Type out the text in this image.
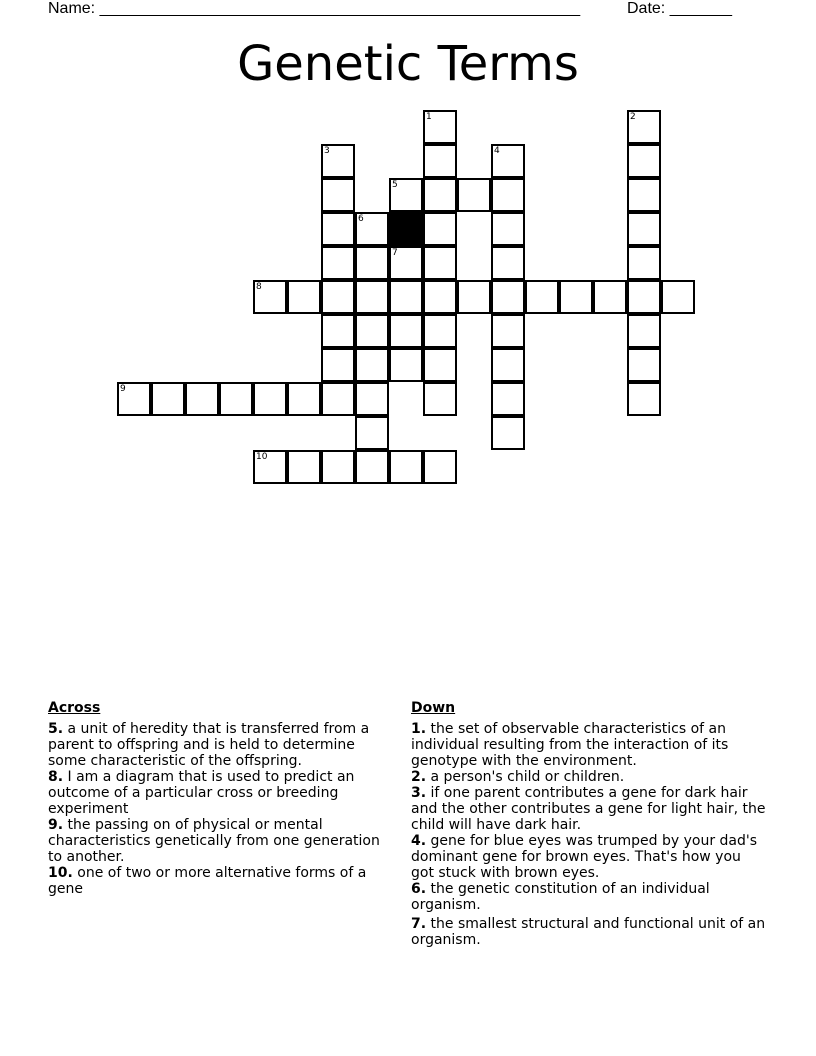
Name: ______________________________________________________	Date: _______
Genetic Terms
1	2
3	4
5
6
7
8
9
10
Across
5. a unit of heredity that is transferred from a parent to offspring and is held to determine some characteristic of the offspring.
8. I am a diagram that is used to predict an outcome of a particular cross or breeding experiment
9. the passing on of physical or mental characteristics genetically from one generation to another.
10. one of two or more alternative forms of a gene
Down
1. the set of observable characteristics of an individual resulting from the interaction of its genotype with the environment.
2. a person's child or children.
3. if one parent contributes a gene for dark hair and the other contributes a gene for light hair, the child will have dark hair.
4. gene for blue eyes was trumped by your dad's dominant gene for brown eyes. That's how you got stuck with brown eyes.
6. the genetic constitution of an individual organism.
7. the smallest structural and functional unit of an organism.
